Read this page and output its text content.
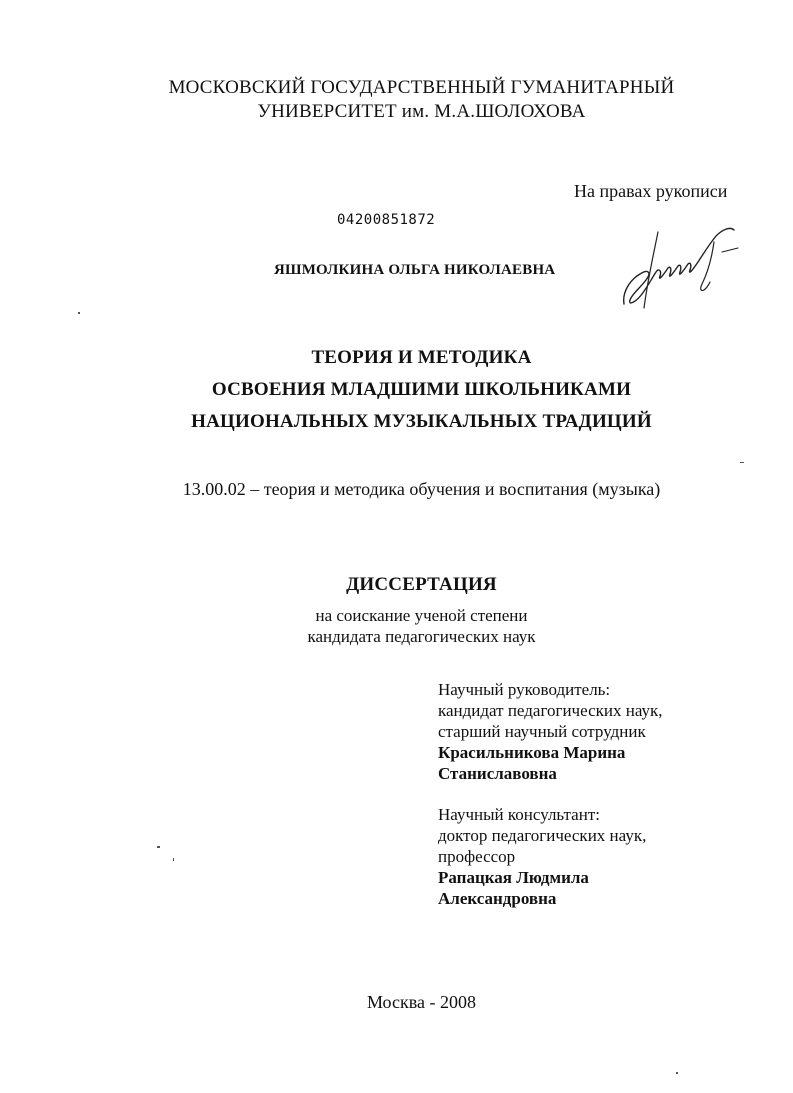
МОСКОВСКИЙ ГОСУДАРСТВЕННЫЙ ГУМАНИТАРНЫЙ
УНИВЕРСИТЕТ им. М.А.ШОЛОХОВА
На правах рукописи
04200851872
ЯШМОЛКИНА ОЛЬГА НИКОЛАЕВНА
ТЕОРИЯ И МЕТОДИКА
ОСВОЕНИЯ МЛАДШИМИ ШКОЛЬНИКАМИ
НАЦИОНАЛЬНЫХ МУЗЫКАЛЬНЫХ ТРАДИЦИЙ
13.00.02 – теория и методика обучения и воспитания (музыка)
ДИССЕРТАЦИЯ
на соискание ученой степени
кандидата педагогических наук
Научный руководитель:
кандидат педагогических наук,
старший научный сотрудник
Красильникова Марина
Станиславовна
Научный консультант:
доктор педагогических наук,
профессор
Рапацкая Людмила
Александровна
Москва - 2008
